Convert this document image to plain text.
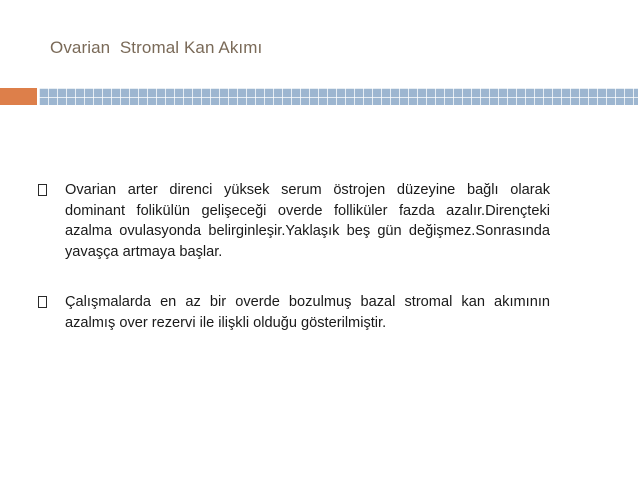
Ovarian  Stromal Kan Akımı
Ovarian arter direnci yüksek serum östrojen düzeyine bağlı olarak dominant folikülün gelişeceği overde folliküler fazda azalır.Dirençteki azalma ovulasyonda belirginleşir.Yaklaşık beş gün değişmez.Sonrasında yavaşça artmaya başlar.
Çalışmalarda en az bir overde bozulmuş bazal stromal kan akımının azalmış over rezervi ile ilişkli olduğu gösterilmiştir.
